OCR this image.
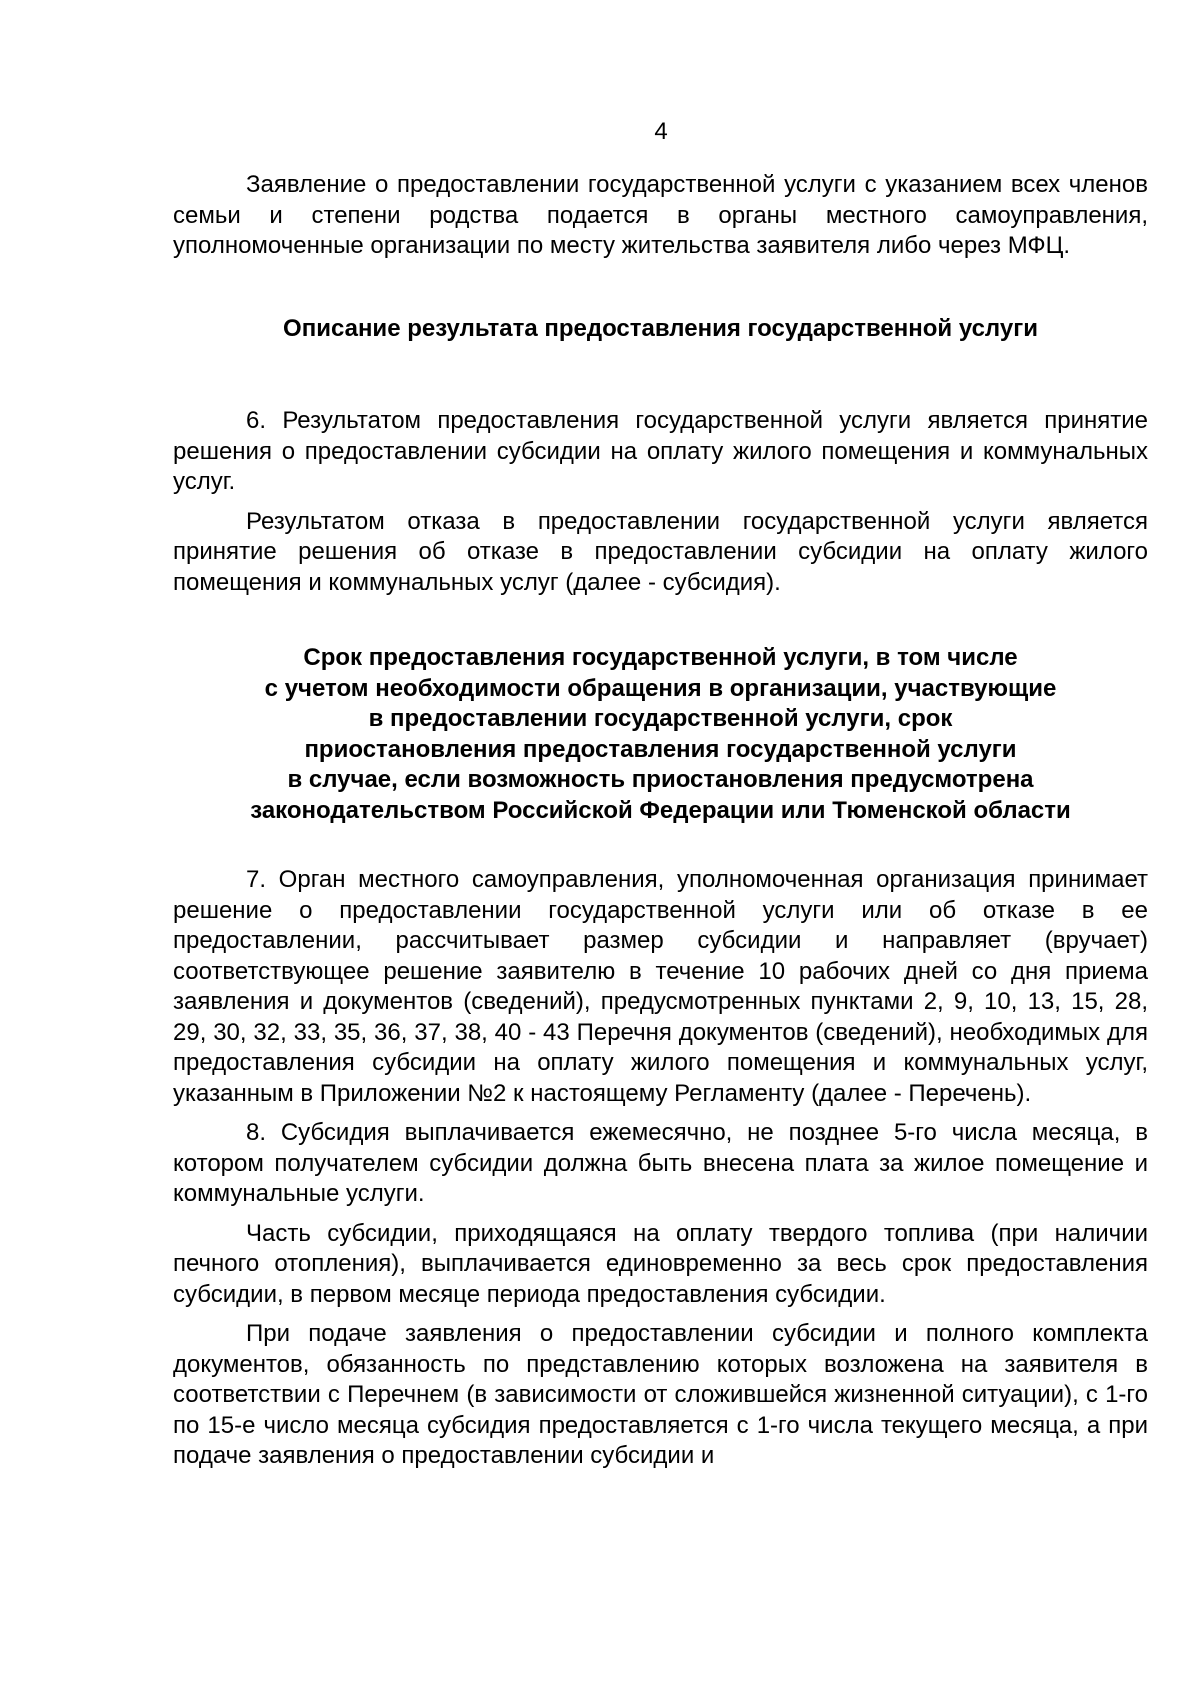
4

Заявление о предоставлении государственной услуги с указанием всех членов семьи и степени родства подается в органы местного самоуправления, уполномоченные организации по месту жительства заявителя либо через МФЦ.

Описание результата предоставления государственной услуги

6. Результатом предоставления государственной услуги является принятие решения о предоставлении субсидии на оплату жилого помещения и коммунальных услуг.

Результатом отказа в предоставлении государственной услуги является принятие решения об отказе в предоставлении субсидии на оплату жилого помещения и коммунальных услуг (далее - субсидия).

Срок предоставления государственной услуги, в том числе
с учетом необходимости обращения в организации, участвующие
в предоставлении государственной услуги, срок
приостановления предоставления государственной услуги
в случае, если возможность приостановления предусмотрена
законодательством Российской Федерации или Тюменской области

7. Орган местного самоуправления, уполномоченная организация принимает решение о предоставлении государственной услуги или об отказе в ее предоставлении, рассчитывает размер субсидии и направляет (вручает) соответствующее решение заявителю в течение 10 рабочих дней со дня приема заявления и документов (сведений), предусмотренных пунктами 2, 9, 10, 13, 15, 28, 29, 30, 32, 33, 35, 36, 37, 38, 40 - 43 Перечня документов (сведений), необходимых для предоставления субсидии на оплату жилого помещения и коммунальных услуг, указанным в Приложении №2 к настоящему Регламенту (далее - Перечень).

8. Субсидия выплачивается ежемесячно, не позднее 5-го числа месяца, в котором получателем субсидии должна быть внесена плата за жилое помещение и коммунальные услуги.

Часть субсидии, приходящаяся на оплату твердого топлива (при наличии печного отопления), выплачивается единовременно за весь срок предоставления субсидии, в первом месяце периода предоставления субсидии.

При подаче заявления о предоставлении субсидии и полного комплекта документов, обязанность по представлению которых возложена на заявителя в соответствии с Перечнем (в зависимости от сложившейся жизненной ситуации), с 1-го по 15-е число месяца субсидия предоставляется с 1-го числа текущего месяца, а при подаче заявления о предоставлении субсидии и
